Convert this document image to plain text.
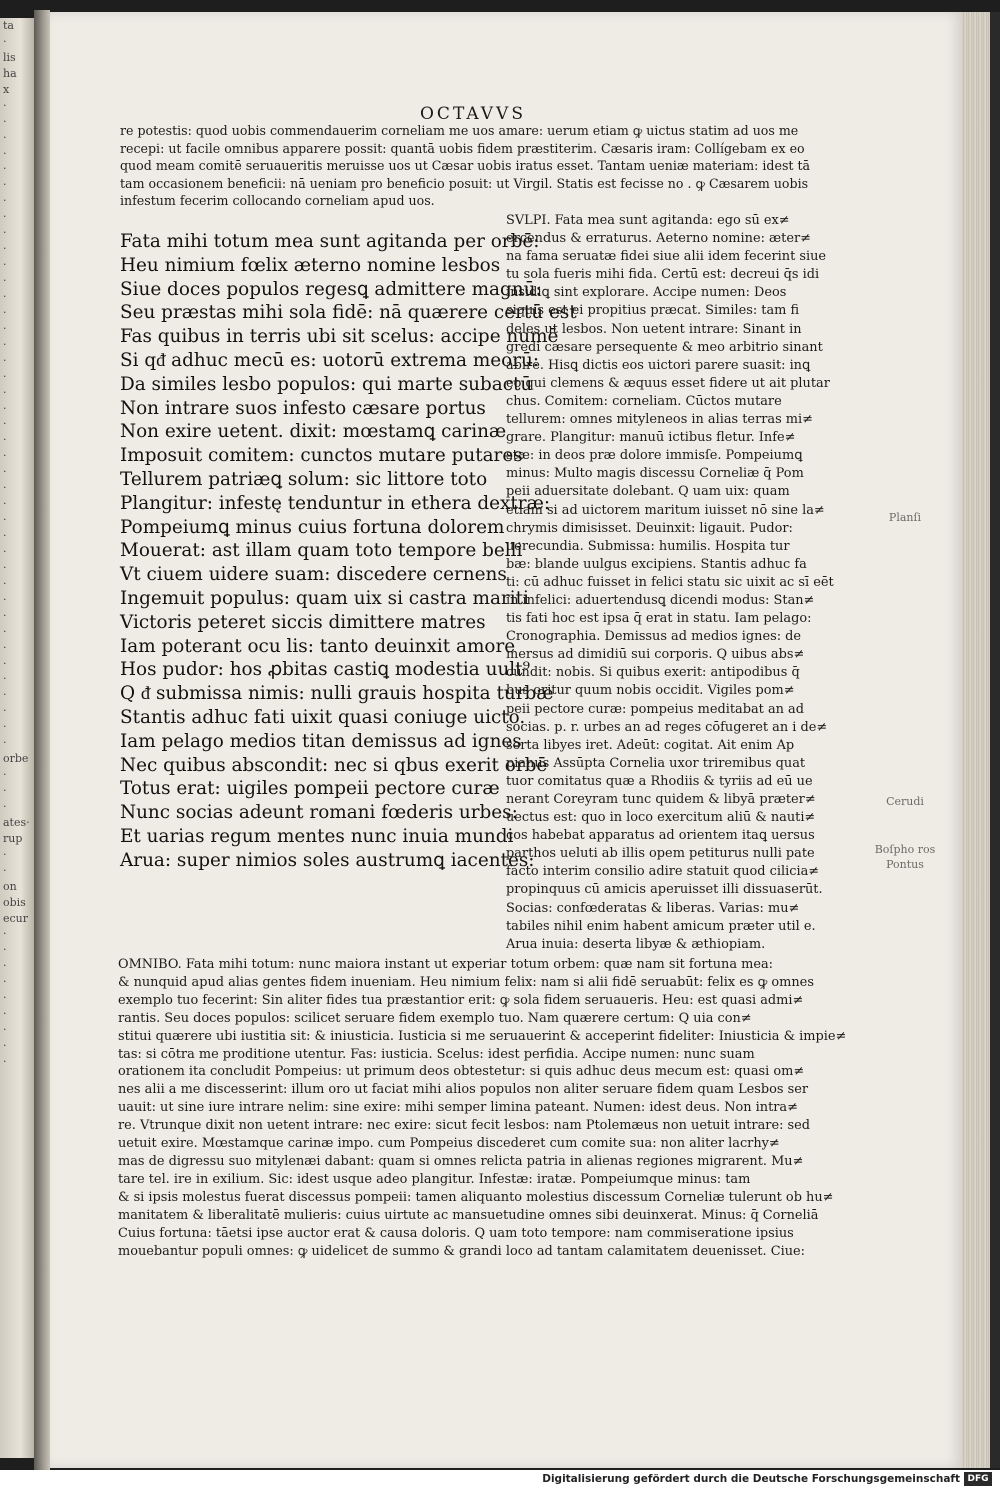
ta
·
lis
ha
x
·
·
·
·
·
·
·
·
·
·
·
·
·
·
·
·
·
·
·
·
·
·
·
·
·
·
·
·
·
·
·
·
·
·
·
·
·
·
·
·
·
orbe
·
·
·
ates·
rup
·
·
on
obis
ecur
·
·
·
·
·
·
·
·
·
OCTAVVS
re potestis: quod uobis commendauerim corneliam me uos amare: uerum etiam ꝙ uictus statim ad uos me
recepi: ut facile omnibus apparere possit: quantā uobis fidem præstiterim. Cæsaris iram: Collígebam ex eo
quod meam comitē seruaueritis meruisse uos ut Cæsar uobis iratus esset. Tantam ueniæ materiam: idest tā
tam occasionem beneficii: nā ueniam pro beneficio posuit: ut Virgil. Statis est fecisse no . ꝙ Cæsarem uobis
infestum fecerim collocando corneliam apud uos.
Fata mihi totum mea sunt agitanda per orbē:
Heu nimium fœlix æterno nomine lesbos
Siue doces populos regesꝗ admittere magnū:
Seu præstas mihi sola fidē: nā quærere certū est
Fas quibus in terris ubi sit scelus: accipe numē
Si qᵭ adhuc mecū es: uotorū extrema meorū:
Da similes lesbo populos: qui marte subactū
Non intrare suos infesto cæsare portus
Non exire uetent. dixit: mœstamꝗ carinæ
Imposuit comitem: cunctos mutare putares
Tellurem patriæꝗ solum: sic littore toto
Plangitur: infestę tenduntur in ethera dextræ:
Pompeiumꝗ minus cuius fortuna dolorem
Mouerat: ast illam quam toto tempore belli
Vt ciuem uidere suam: discedere cernens
Ingemuit populus: quam uix si castra mariti
Victoris peteret siccis dimittere matres
Iam poterant ocu lis: tanto deuinxit amore
Hos pudor: hos ꝓbitas castiꝗ modestia uult⁹
Q ᵭ submissa nimis: nulli grauis hospita turbæ
Stantis adhuc fati uixit quasi coniuge uicto.
Iam pelago medios titan demissus ad ignes
Nec quibus abscondit: nec si qbus exerit orbē
Totus erat: uigiles pompeii pectore curæ
Nunc socias adeunt romani fœderis urbes:
Et uarias regum mentes nunc inuia mundi
Arua: super nimios soles austrumꝗ iacentes:
SVLPI. Fata mea sunt agitanda: ego sū ex≠
ercendus & erraturus. Aeterno nomine: æter≠
na fama seruatæ fidei siue alii idem fecerint siue
tu sola fueris mihi fida. Certū est: decreui q̄s idi
insidiꝗ sint explorare. Accipe numen: Deos
siquis est ei propitius præcat. Similes: tam fi
deles ut lesbos. Non uetent intrare: Sinant in
gredi cæsare persequente & meo arbitrio sinant
abire. Hisꝗ dictis eos uictori parere suasit: inꝗ
eo qui clemens & æquus esset fidere ut ait plutar
chus. Comitem: corneliam. Cūctos mutare
tellurem: omnes mityleneos in alias terras mi≠
grare. Plangitur: manuū ictibus fletur. Infe≠
stæ: in deos præ dolore immisſe. Pompeiumꝗ
minus: Multo magis discessu Corneliæ q̄ Pom
peii aduersitate dolebant. Q uam uix: quam
etiam si ad uictorem maritum iuisset nō sine la≠
chrymis dimisisset. Deuinxit: ligauit. Pudor:
uerecundia. Submissa: humilis. Hospita tur
bæ: blande uulgus excipiens. Stantis adhuc fa
ti: cū adhuc fuisset in felici statu sic uixit ac sī eēt
in infelici: aduertendusꝗ dicendi modus: Stan≠
tis fati hoc est ipsa q̄ erat in statu. Iam pelago:
Cronographia. Demissus ad medios ignes: de
mersus ad dimidiū sui corporis. Q uibus abs≠
cundit: nobis. Si quibus exerit: antipodibus q̄
bus oritur quum nobis occidit. Vigiles pom≠
peii pectore curæ: pompeius meditabat an ad
socias. p. r. urbes an ad reges cōfugeret an i de≠
serta libyes iret. Adeūt: cogitat. Ait enim Ap
pianus Assūpta Cornelia uxor triremibus quat
tuor comitatus quæ a Rhodiis & tyriis ad eū ue
nerant Coreyram tunc quidem & libyā præter≠
uectus est: quo in loco exercitum aliū & nauti≠
cos habebat apparatus ad orientem itaꝗ uersus
parthos ueluti ab illis opem petiturus nulli pate
facto interim consilio adire statuit quod cilicia≠
propinquus cū amicis aperuisset illi dissuaserūt.
Socias: confœderatas & liberas. Varias: mu≠
tabiles nihil enim habent amicum præter util e.
Arua inuia: deserta libyæ & æthiopiam.
OMNIBO. Fata mihi totum: nunc maiora instant ut experiar totum orbem: quæ nam sit fortuna mea:
& nunquid apud alias gentes fidem inueniam. Heu nimium felix: nam si alii fidē seruabūt: felix es ꝙ omnes
exemplo tuo fecerint: Sin aliter fides tua præstantior erit: ꝙ sola fidem seruaueris. Heu: est quasi admi≠
rantis. Seu doces populos: scilicet seruare fidem exemplo tuo. Nam quærere certum: Q uia con≠
stitui quærere ubi iustitia sit: & iniusticia. Iusticia si me seruauerint & acceperint fideliter: Iniusticia & impie≠
tas: si cōtra me proditione utentur. Fas: iusticia. Scelus: idest perfidia. Accipe numen: nunc suam
orationem ita concludit Pompeius: ut primum deos obtestetur: si quis adhuc deus mecum est: quasi om≠
nes alii a me discesserint: illum oro ut faciat mihi alios populos non aliter seruare fidem quam Lesbos ser
uauit: ut sine iure intrare nelim: sine exire: mihi semper limina pateant. Numen: idest deus. Non intra≠
re. Vtrunque dixit non uetent intrare: nec exire: sicut fecit lesbos: nam Ptolemæus non uetuit intrare: sed
uetuit exire. Mœstamque carinæ impo. cum Pompeius discederet cum comite sua: non aliter lacrhy≠
mas de digressu suo mitylenæi dabant: quam si omnes relicta patria in alienas regiones migrarent. Mu≠
tare tel. ire in exilium. Sic: idest usque adeo plangitur. Infestæ: iratæ. Pompeiumque minus: tam
& si ipsis molestus fuerat discessus pompeii: tamen aliquanto molestius discessum Corneliæ tulerunt ob hu≠
manitatem & liberalitatē mulieris: cuius uirtute ac mansuetudine omnes sibi deuinxerat. Minus: q̄ Corneliā
Cuius fortuna: tāetsi ipse auctor erat & causa doloris. Q uam toto tempore: nam commiseratione ipsius
mouebantur populi omnes: ꝙ uidelicet de summo & grandi loco ad tantam calamitatem deuenisset. Ciue:
Planſi
Cerudi
Boſpho ros Pontus
Digitalisierung gefördert durch die Deutsche Forschungsgemeinschaft DFG
